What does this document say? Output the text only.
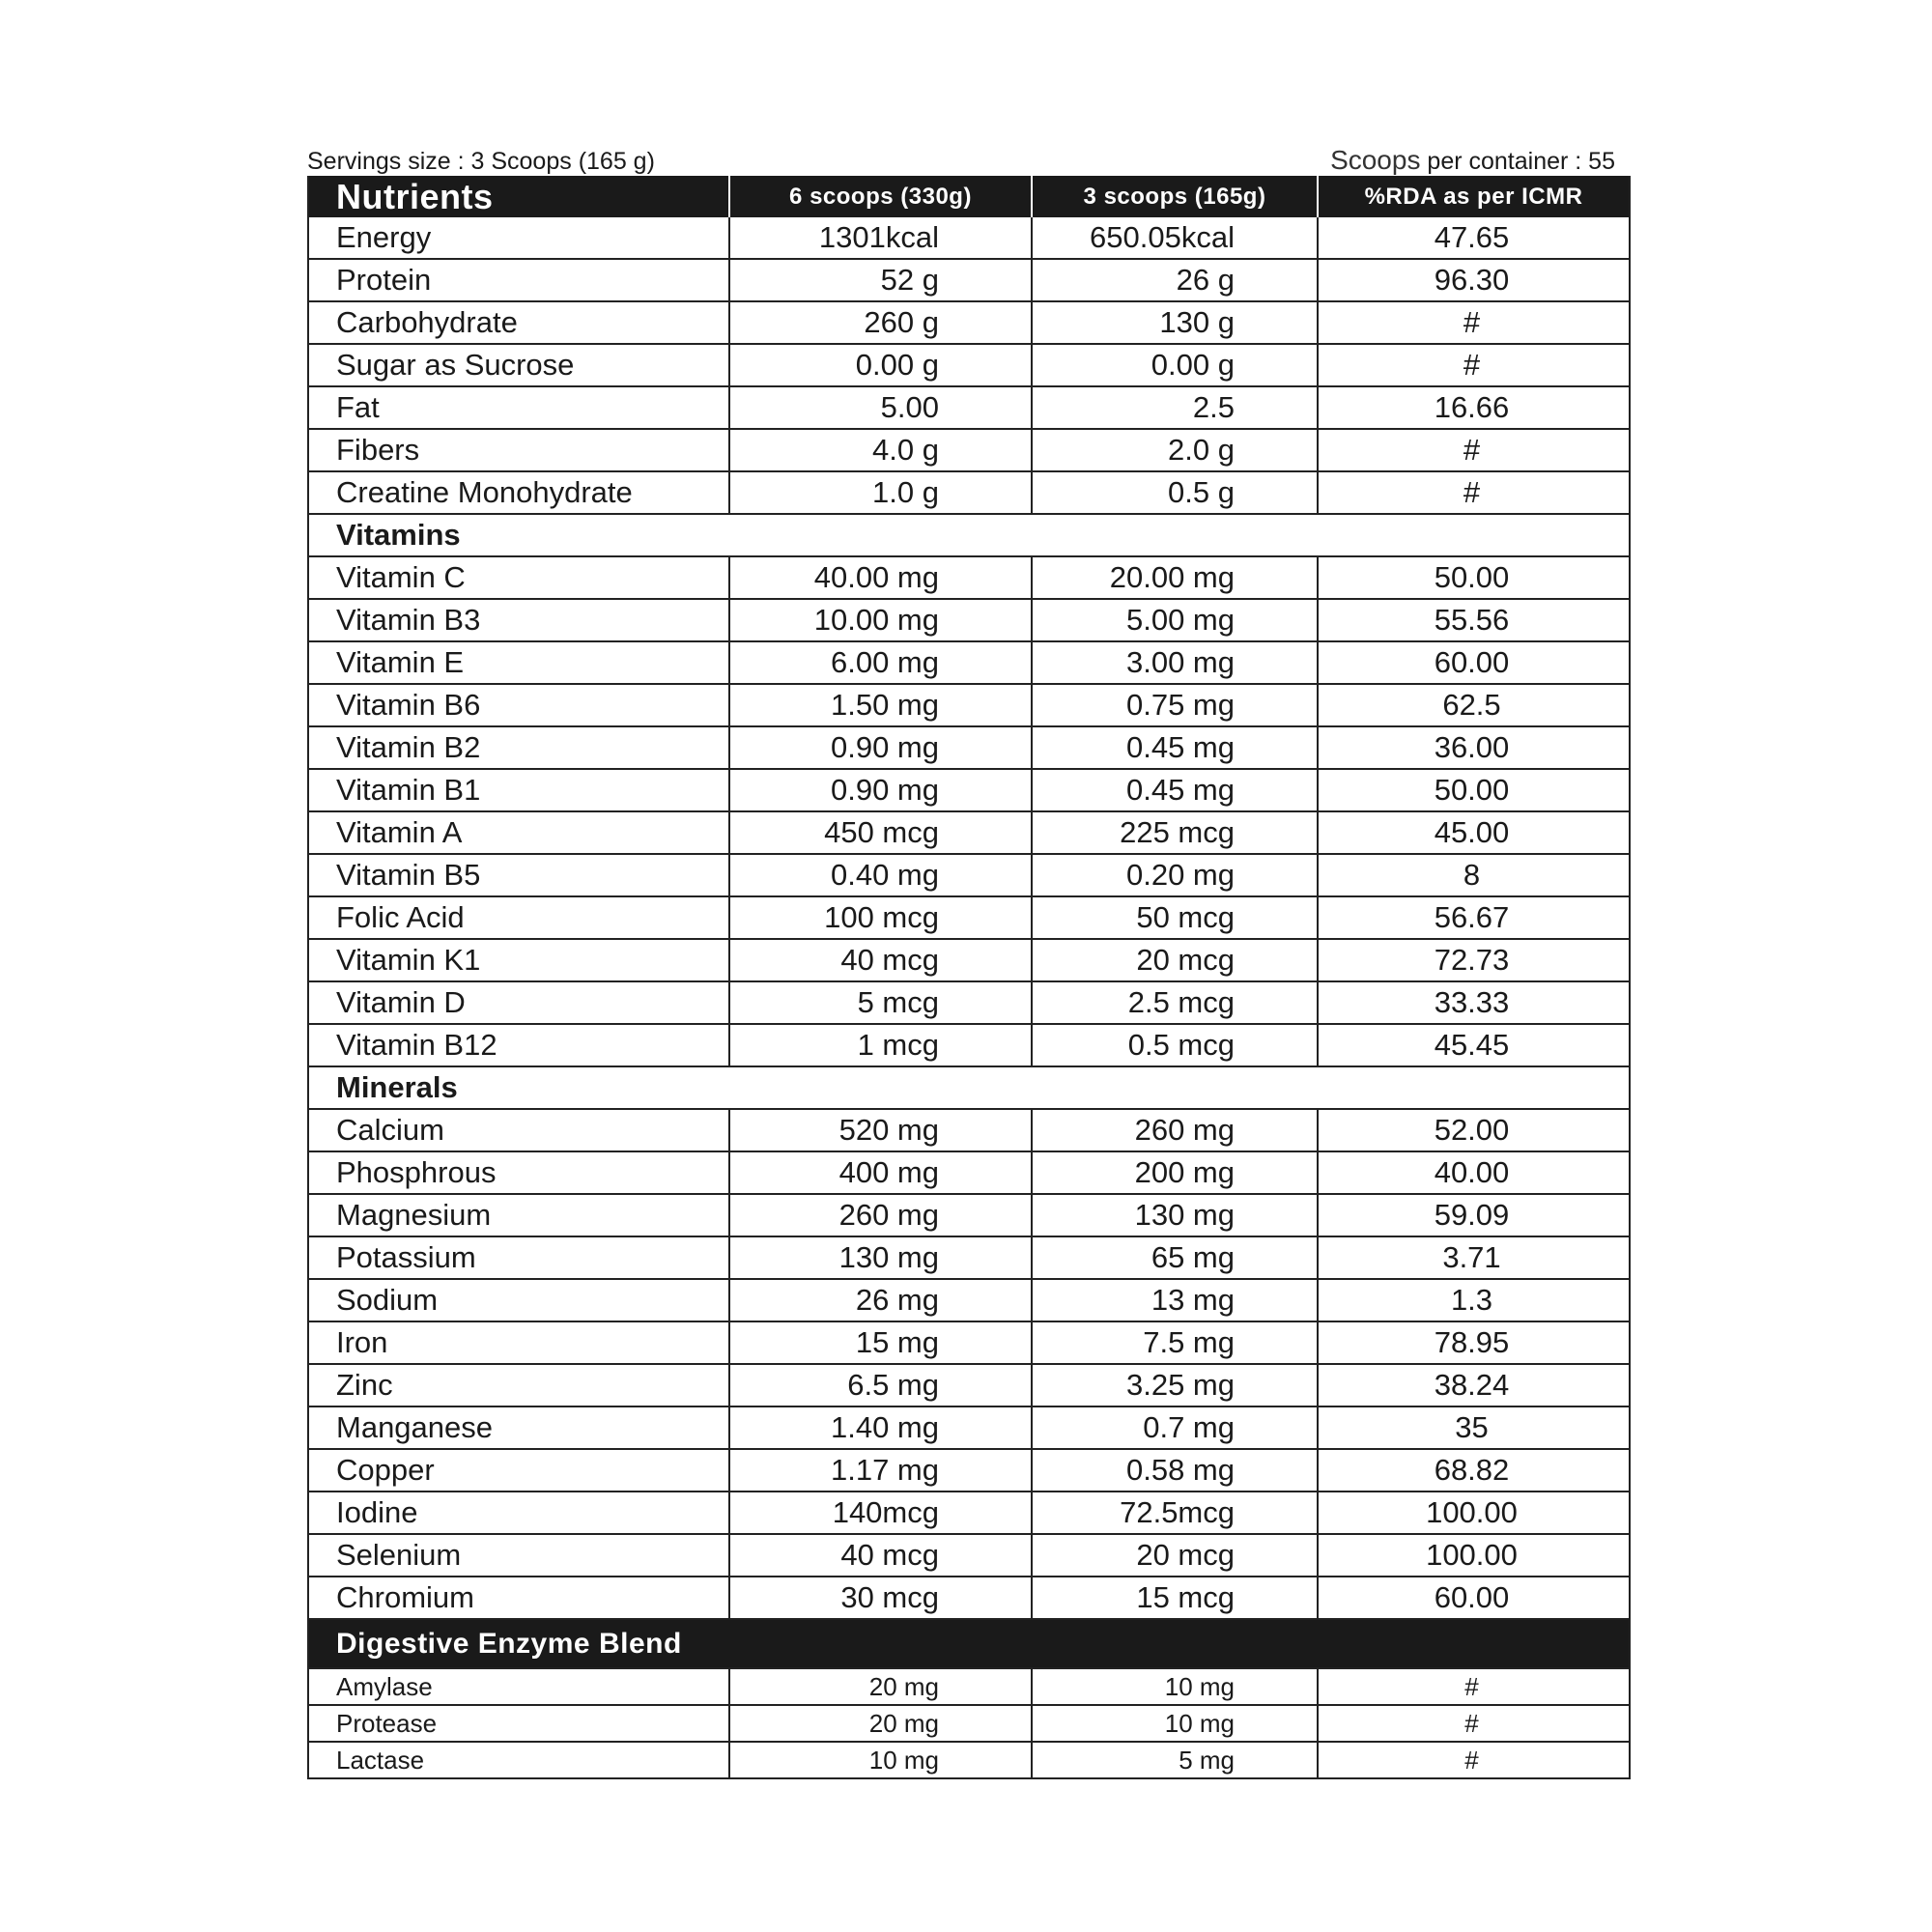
Servings size : 3 Scoops (165 g)	Scoops per container : 55
Nutrients	6 scoops (330g)	3 scoops (165g)	%RDA as per ICMR
Energy	1301kcal	650.05kcal	47.65
Protein	52 g	26 g	96.30
Carbohydrate	260 g	130 g	#
Sugar as Sucrose	0.00 g	0.00 g	#
Fat	5.00	2.5	16.66
Fibers	4.0 g	2.0 g	#
Creatine Monohydrate	1.0 g	0.5 g	#
Vitamins			
Vitamin C	40.00 mg	20.00 mg	50.00
Vitamin B3	10.00 mg	5.00 mg	55.56
Vitamin E	6.00 mg	3.00 mg	60.00
Vitamin B6	1.50 mg	0.75 mg	62.5
Vitamin B2	0.90 mg	0.45 mg	36.00
Vitamin B1	0.90 mg	0.45 mg	50.00
Vitamin A	450 mcg	225 mcg	45.00
Vitamin B5	0.40 mg	0.20 mg	8
Folic Acid	100 mcg	50 mcg	56.67
Vitamin K1	40 mcg	20 mcg	72.73
Vitamin D	5 mcg	2.5 mcg	33.33
Vitamin B12	1 mcg	0.5 mcg	45.45
Minerals			
Calcium	520 mg	260 mg	52.00
Phosphrous	400 mg	200 mg	40.00
Magnesium	260 mg	130 mg	59.09
Potassium	130 mg	65 mg	3.71
Sodium	26 mg	13 mg	1.3
Iron	15 mg	7.5 mg	78.95
Zinc	6.5 mg	3.25 mg	38.24
Manganese	1.40 mg	0.7 mg	35
Copper	1.17 mg	0.58 mg	68.82
Iodine	140mcg	72.5mcg	100.00
Selenium	40 mcg	20 mcg	100.00
Chromium	30 mcg	15 mcg	60.00
Digestive Enzyme Blend			
Amylase	20 mg	10 mg	#
Protease	20 mg	10 mg	#
Lactase	10 mg	5 mg	#
